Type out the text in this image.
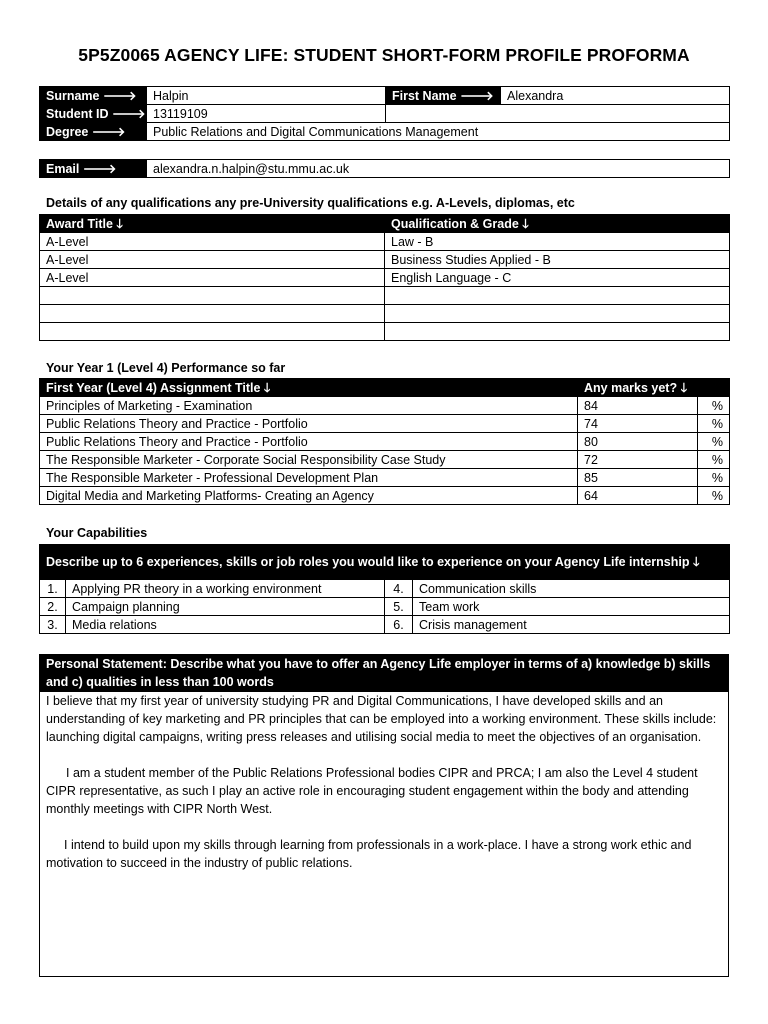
5P5Z0065 AGENCY LIFE: STUDENT SHORT-FORM PROFILE PROFORMA
Surname 🡒	Halpin	First Name 🡒	Alexandra
Student ID 🡒	13119109		
Degree 🡒	Public Relations and Digital Communications Management		
Email 🡒	alexandra.n.halpin@stu.mmu.ac.uk
Details of any qualifications any pre-University qualifications e.g. A-Levels, diplomas, etc
Award Title 🡓	Qualification & Grade 🡓
A-Level	Law - B
A-Level	Business Studies Applied - B
A-Level	English Language - C

Your Year 1 (Level 4) Performance so far
First Year (Level 4) Assignment Title 🡓	Any marks yet? 🡓	
Principles of Marketing - Examination	84	%
Public Relations Theory and Practice - Portfolio	74	%
Public Relations Theory and Practice - Portfolio	80	%
The Responsible Marketer - Corporate Social Responsibility Case Study	72	%
The Responsible Marketer - Professional Development Plan	85	%
Digital Media and Marketing Platforms- Creating an Agency	64	%
Your Capabilities
Describe up to 6 experiences, skills or job roles you would like to experience on your Agency Life internship 🡓			
1.	Applying PR theory in a working environment	4.	Communication skills
2.	Campaign planning	5.	Team work
3.	Media relations	6.	Crisis management
Personal Statement: Describe what you have to offer an Agency Life employer in terms of a) knowledge b) skills and c) qualities in less than 100 words

I believe that my first year of university studying PR and Digital Communications, I have developed skills and an understanding of key marketing and PR principles that can be employed into a working environment. These skills include: launching digital campaigns, writing press releases and utilising social media to meet the objectives of an organisation.

I am a student member of the Public Relations Professional bodies CIPR and PRCA; I am also the Level 4 student CIPR representative, as such I play an active role in encouraging student engagement within the body and attending monthly meetings with CIPR North West.

I intend to build upon my skills through learning from professionals in a work-place. I have a strong work ethic and motivation to succeed in the industry of public relations.
